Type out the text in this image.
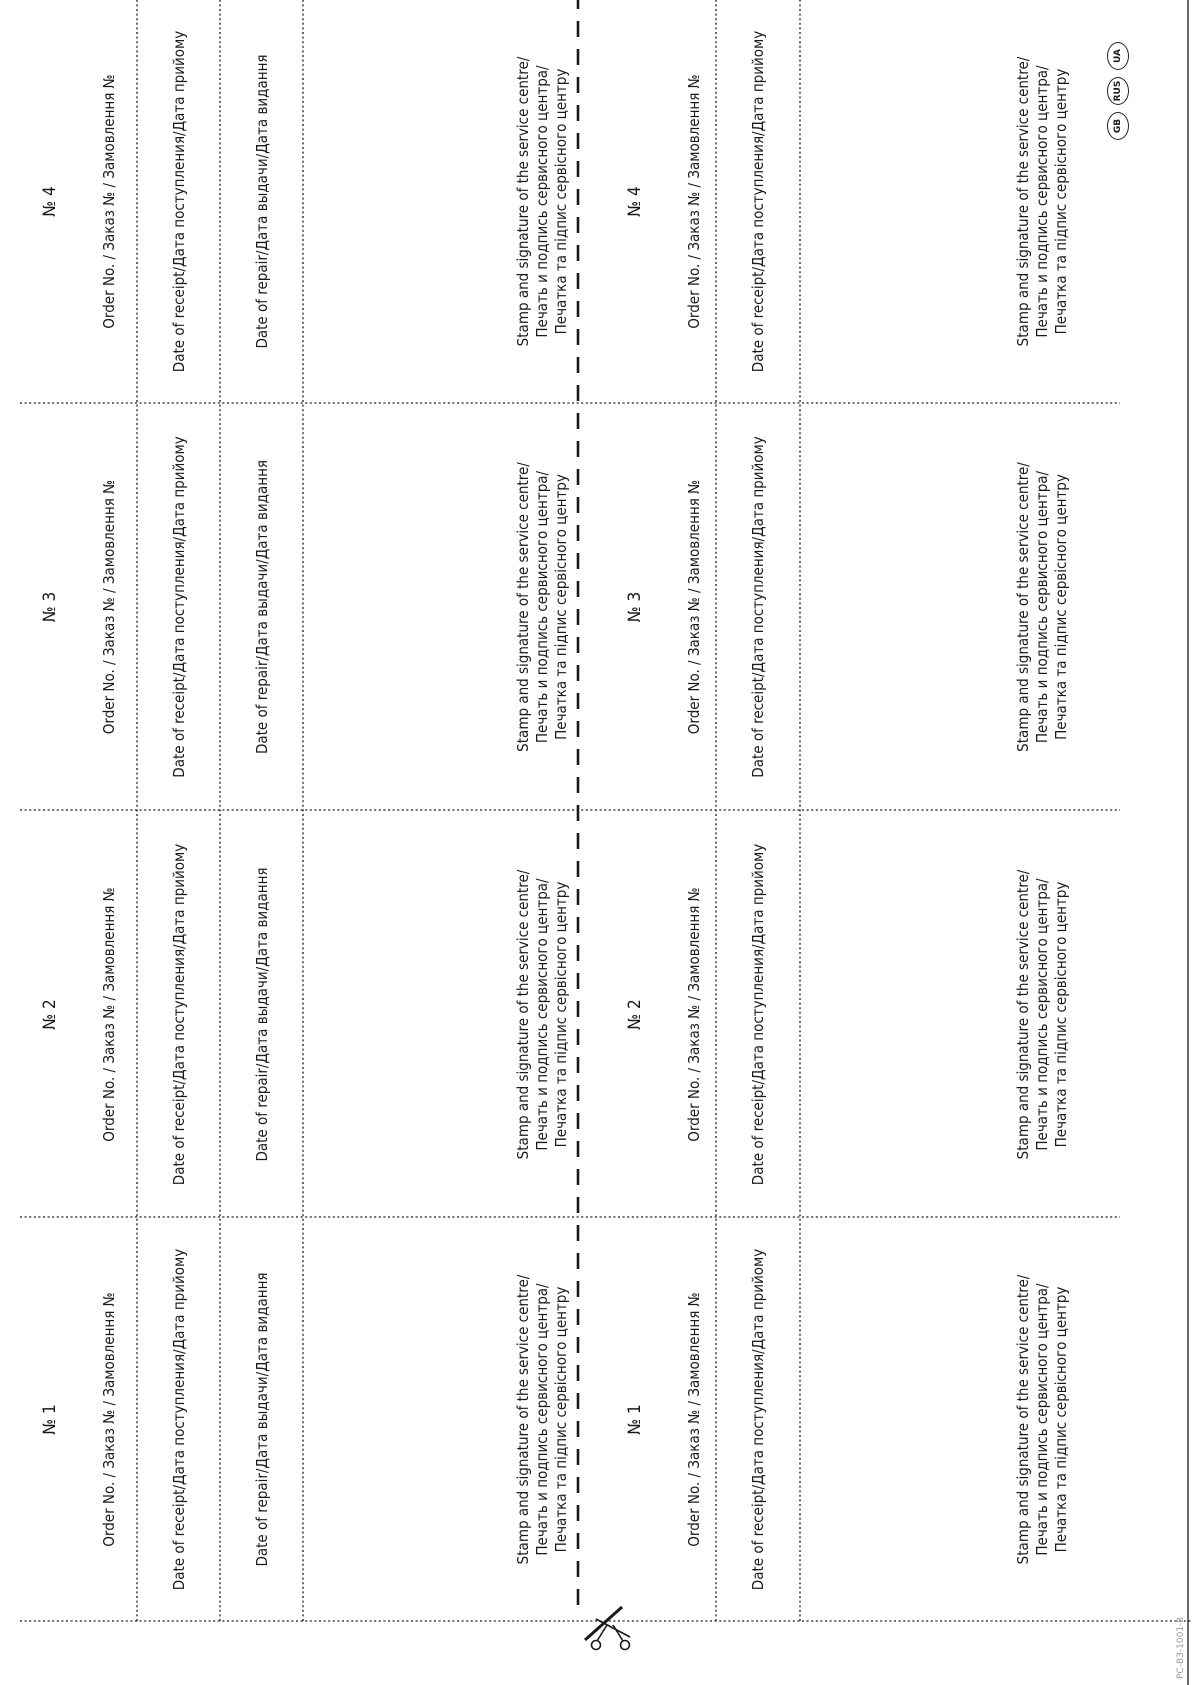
№ 1	Order No. / Заказ № / Замовлення №	Date of receipt/Дата поступления/Дата прийому	Date of repair/Дата выдачи/Дата видання	Stamp and signature of the service centre/ Печать и подпись сервисного центра/ Печатка та підпис сервісного центру	№ 1	Order No. / Заказ № / Замовлення №	Date of receipt/Дата поступления/Дата прийому	Stamp and signature of the service centre/ Печать и подпись сервисного центра/ Печатка та підпис сервісного центру
№ 2	Order No. / Заказ № / Замовлення №	Date of receipt/Дата поступления/Дата прийому	Date of repair/Дата выдачи/Дата видання	Stamp and signature of the service centre/ Печать и подпись сервисного центра/ Печатка та підпис сервісного центру	№ 2	Order No. / Заказ № / Замовлення №	Date of receipt/Дата поступления/Дата прийому	Stamp and signature of the service centre/ Печать и подпись сервисного центра/ Печатка та підпис сервісного центру
№ 3	Order No. / Заказ № / Замовлення №	Date of receipt/Дата поступления/Дата прийому	Date of repair/Дата выдачи/Дата видання	Stamp and signature of the service centre/ Печать и подпись сервисного центра/ Печатка та підпис сервісного центру	№ 3	Order No. / Заказ № / Замовлення №	Date of receipt/Дата поступления/Дата прийому	Stamp and signature of the service centre/ Печать и подпись сервисного центра/ Печатка та підпис сервісного центру
№ 4	Order No. / Заказ № / Замовлення №	Date of receipt/Дата поступления/Дата прийому	Date of repair/Дата выдачи/Дата видання	Stamp and signature of the service centre/ Печать и подпись сервисного центра/ Печатка та підпис сервісного центру	№ 4	Order No. / Заказ № / Замовлення №	Date of receipt/Дата поступления/Дата прийому	Stamp and signature of the service centre/ Печать и подпись сервисного центра/ Печатка та підпис сервісного центру	GB
RUS
UA
РС-ВЗ-1001-8
